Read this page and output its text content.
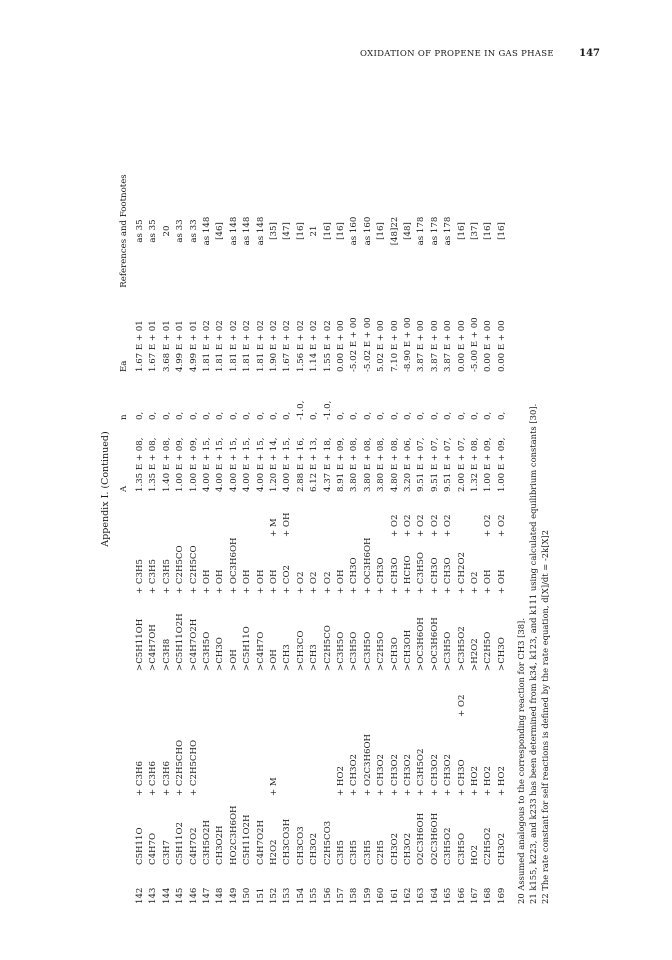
OXIDATION OF PROPENE IN GAS PHASE	147
Appendix I. (Continued) A
n
Ea
References and Footnotes
142
C5H11O
+ C3H6
>C5H11OH
+ C3H5
1.35 E + 08,
0,
1.67 E + 01
as 35
143
C4H7O
+ C3H6
>C4H7OH
+ C3H5
1.35 E + 08,
0,
1.67 E + 01
as 35
144
C3H7
+ C3H6
>C3H8
+ C3H5
1.40 E + 08,
0,
3.68 E + 01
20
145
C5H11O2
+ C2H5CHO
>C5H11O2H
+ C2H5CO
1.00 E + 09,
0,
4.99 E + 01
as 33
146
C4H7O2
+ C2H5CHO
>C4H7O2H
+ C2H5CO
1.00 E + 09,
0,
4.99 E + 01
as 33
147
C3H5O2H
>C3H5O
+ OH
4.00 E + 15,
0,
1.81 E + 02
as 148
148
CH3O2H
>CH3O
+ OH
4.00 E + 15,
0,
1.81 E + 02
[46]
149
HO2C3H6OH
>OH
+ OC3H6OH
4.00 E + 15,
0,
1.81 E + 02
as 148
150
C5H11O2H
>C5H11O
+ OH
4.00 E + 15,
0,
1.81 E + 02
as 148
151
C4H7O2H
>C4H7O
+ OH
4.00 E + 15,
0,
1.81 E + 02
as 148
152
H2O2
+ M
>OH
+ OH
+ M
1.20 E + 14,
0,
1.90 E + 02
[35]
153
CH3CO3H
>CH3
+ CO2
+ OH
4.00 E + 15,
0,
1.67 E + 02
[47]
154
CH3CO3
>CH3CO
+ O2
2.88 E + 16,
-1.0,
1.56 E + 02
[16]
155
CH3O2
>CH3
+ O2
6.12 E + 13,
0,
1.14 E + 02
21
156
C2H5CO3
>C2H5CO
+ O2
4.37 E + 18,
-1.0,
1.55 E + 02
[16]
157
C3H5
+ HO2
>C3H5O
+ OH
8.91 E + 09,
0,
0.00 E + 00
[16]
158
C3H5
+ CH3O2
>C3H5O
+ CH3O
3.80 E + 08,
0,
-5.02 E + 00
as 160
159
C3H5
+ O2C3H6OH
>C3H5O
+ OC3H6OH
3.80 E + 08,
0,
-5.02 E + 00
as 160
160
C2H5
+ CH3O2
>C2H5O
+ CH3O
3.80 E + 08,
0,
5.02 E + 00
[16]
161
CH3O2
+ CH3O2
>CH3O
+ CH3O
+ O2
4.80 E + 08,
0,
7.10 E + 00
[48]22
162
CH3O2
+ CH3O2
>CH3OH
+ HCHO
+ O2
3.20 E + 06,
0,
-8.90 E + 00
[48]
163
O2C3H6OH
+ C3H5O2
>OC3H6OH
+ C3H5O
+ O2
9.51 E + 07,
0,
3.87 E + 00
as 178
164
O2C3H6OH
+ CH3O2
>OC3H6OH
+ CH3O
+ O2
9.51 E + 07,
0,
3.87 E + 00
as 178
165
C3H5O2
+ CH3O2
>C3H5O
+ CH3O
+ O2
9.51 E + 07,
0,
3.87 E + 00
as 178
166
C3H5O
+ CH3O
+ O2
>C3H5O2
+ CH2O2
2.00 E + 07,
0,
0.00 E + 00
[16]
167
HO2
+ HO2
>H2O2
+ O2
1.32 E + 08,
0,
-5.00 E + 00
[37]
168
C2H5O2
+ HO2
>C2H5O
+ OH
+ O2
1.00 E + 09,
0,
0.00 E + 00
[16]
169
CH3O2
+ HO2
>CH3O
+ OH
+ O2
1.00 E + 09,
0,
0.00 E + 00
[16]
20 Assumed analogous to the corresponding reaction for CH3 [38]. 21 k155, k223, and k233 has been determined from k34, k123, and k111 using calculated equilibrium constants [30]. 22 The rate constant for self reactions is defined by the rate equation, d[X]/dt = -2k[X]2
